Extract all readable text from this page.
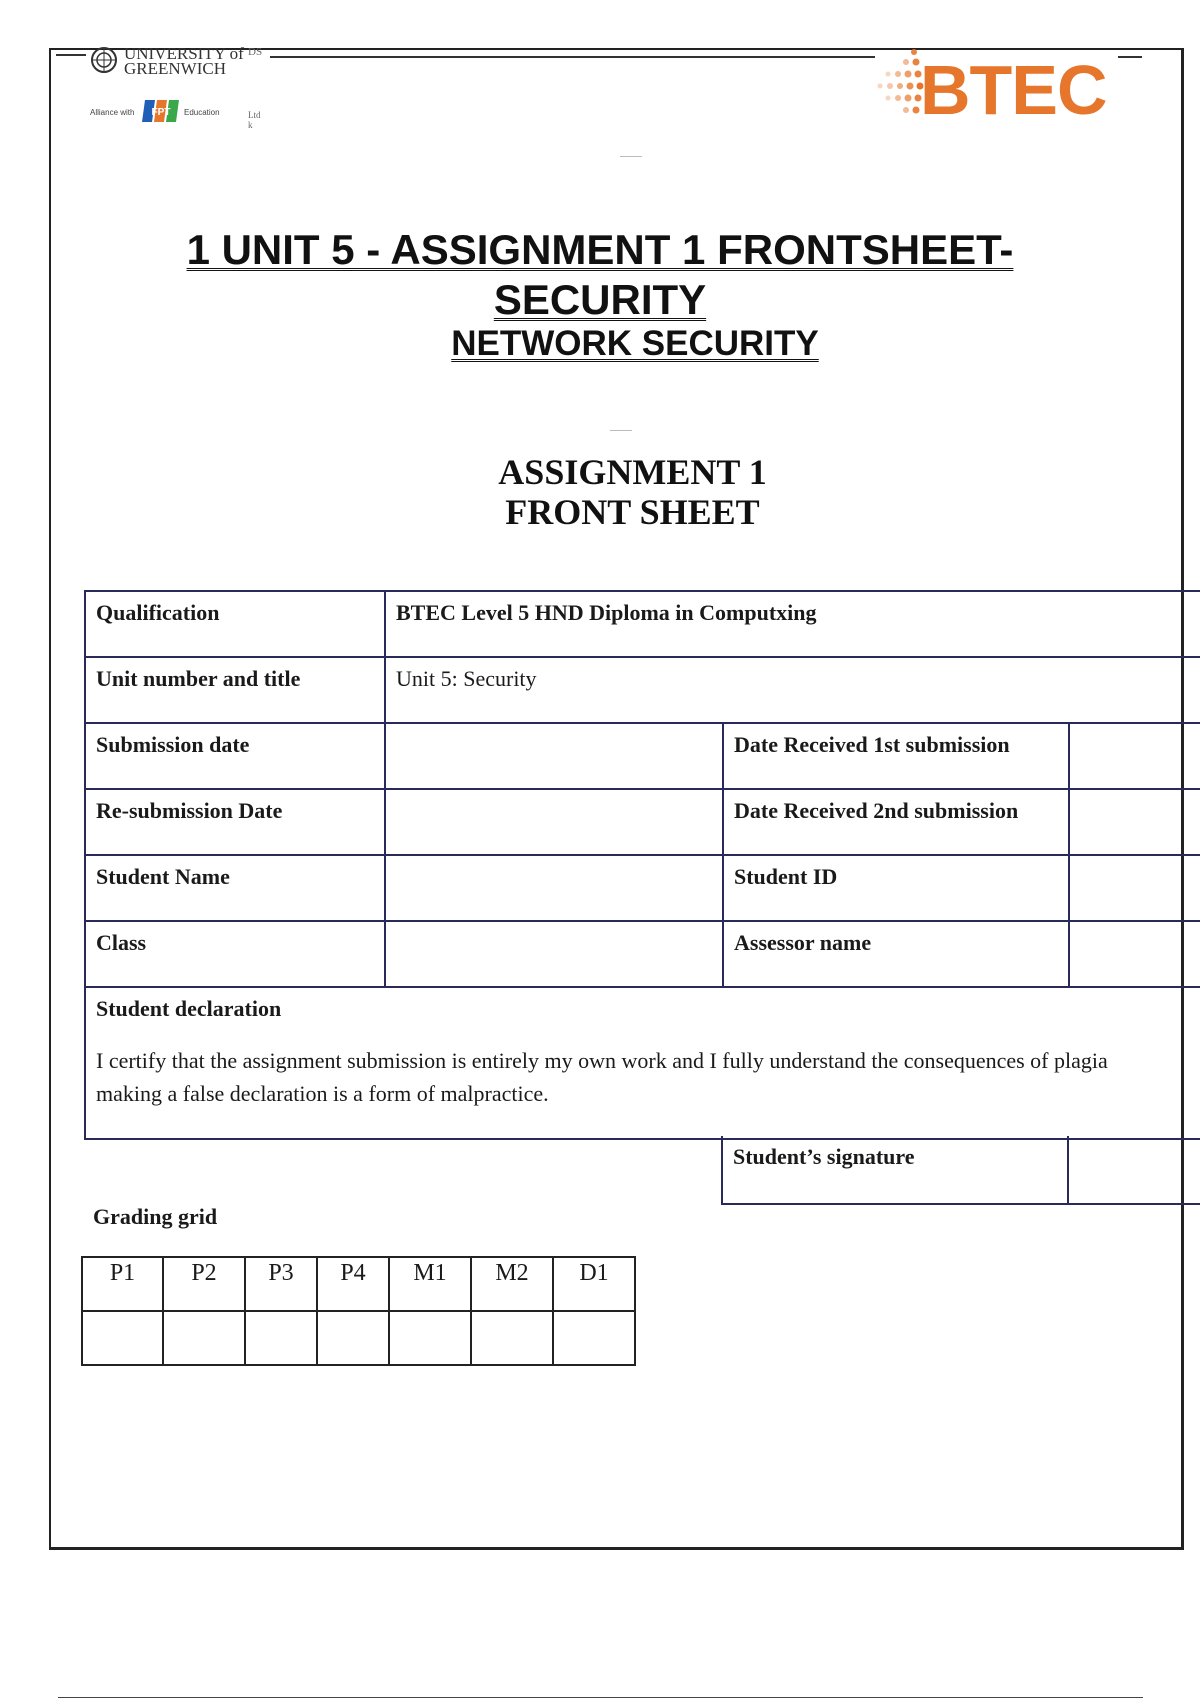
UNIVERSITY of
GREENWICH
DS
Alliance with FPT Education	Ltd k	BTEC
1 UNIT 5 - ASSIGNMENT 1 FRONTSHEET-
SECURITY
NETWORK SECURITY
ASSIGNMENT 1
FRONT SHEET
Qualification	BTEC Level 5 HND Diploma in Computxing		
Unit number and title	Unit 5: Security		
Submission date		Date Received 1st submission	
Re-submission Date		Date Received 2nd submission	
Student Name		Student ID	
Class		Assessor name	

Student declaration
I certify that the assignment submission is entirely my own work and I fully understand the consequences of plagia
making a false declaration is a form of malpractice.			
Student’s signature	
Grading grid
P1	P2	P3	P4	M1	M2	D1
